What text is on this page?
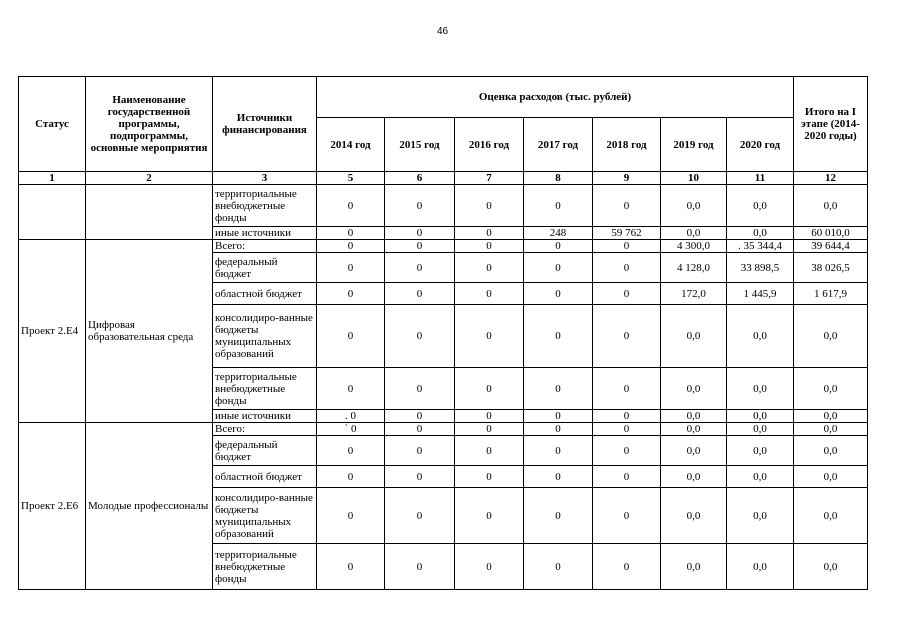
46
Статус	Наименование государственной программы, подпрограммы, основные мероприятия	Источники финансирования	Оценка расходов (тыс. рублей)							Итого на I этапе (2014-2020 годы)
			2014 год	2015 год	2016 год	2017 год	2018 год	2019 год	2020 год	
1	2	3	5	6	7	8	9	10	11	12
		территориальные внебюджетные фонды	0	0	0	0	0	0,0	0,0	0,0
		иные источники	0	0	0	248	59 762	0,0	0,0	60 010,0
Проект 2.Е4	Цифровая образовательная среда	Всего:	0	0	0	0	0	4 300,0	. 35 344,4	39 644,4
		федеральный бюджет	0	0	0	0	0	4 128,0	33 898,5	38 026,5
		областной бюджет	0	0	0	0	0	172,0	1 445,9	1 617,9
		консолидиро-ванные бюджеты муниципальных образований	0	0	0	0	0	0,0	0,0	0,0
		территориальные внебюджетные фонды	0	0	0	0	0	0,0	0,0	0,0
		иные источники	. 0	0	0	0	0	0,0	0,0	0,0
Проект 2.Е6	Молодые профессионалы	Всего:	` 0	0	0	0	0	0,0	0,0	0,0
		федеральный бюджет	0	0	0	0	0	0,0	0,0	0,0
		областной бюджет	0	0	0	0	0	0,0	0,0	0,0
		консолидиро-ванные бюджеты муниципальных образований	0	0	0	0	0	0,0	0,0	0,0
		территориальные внебюджетные фонды	0	0	0	0	0	0,0	0,0	0,0
